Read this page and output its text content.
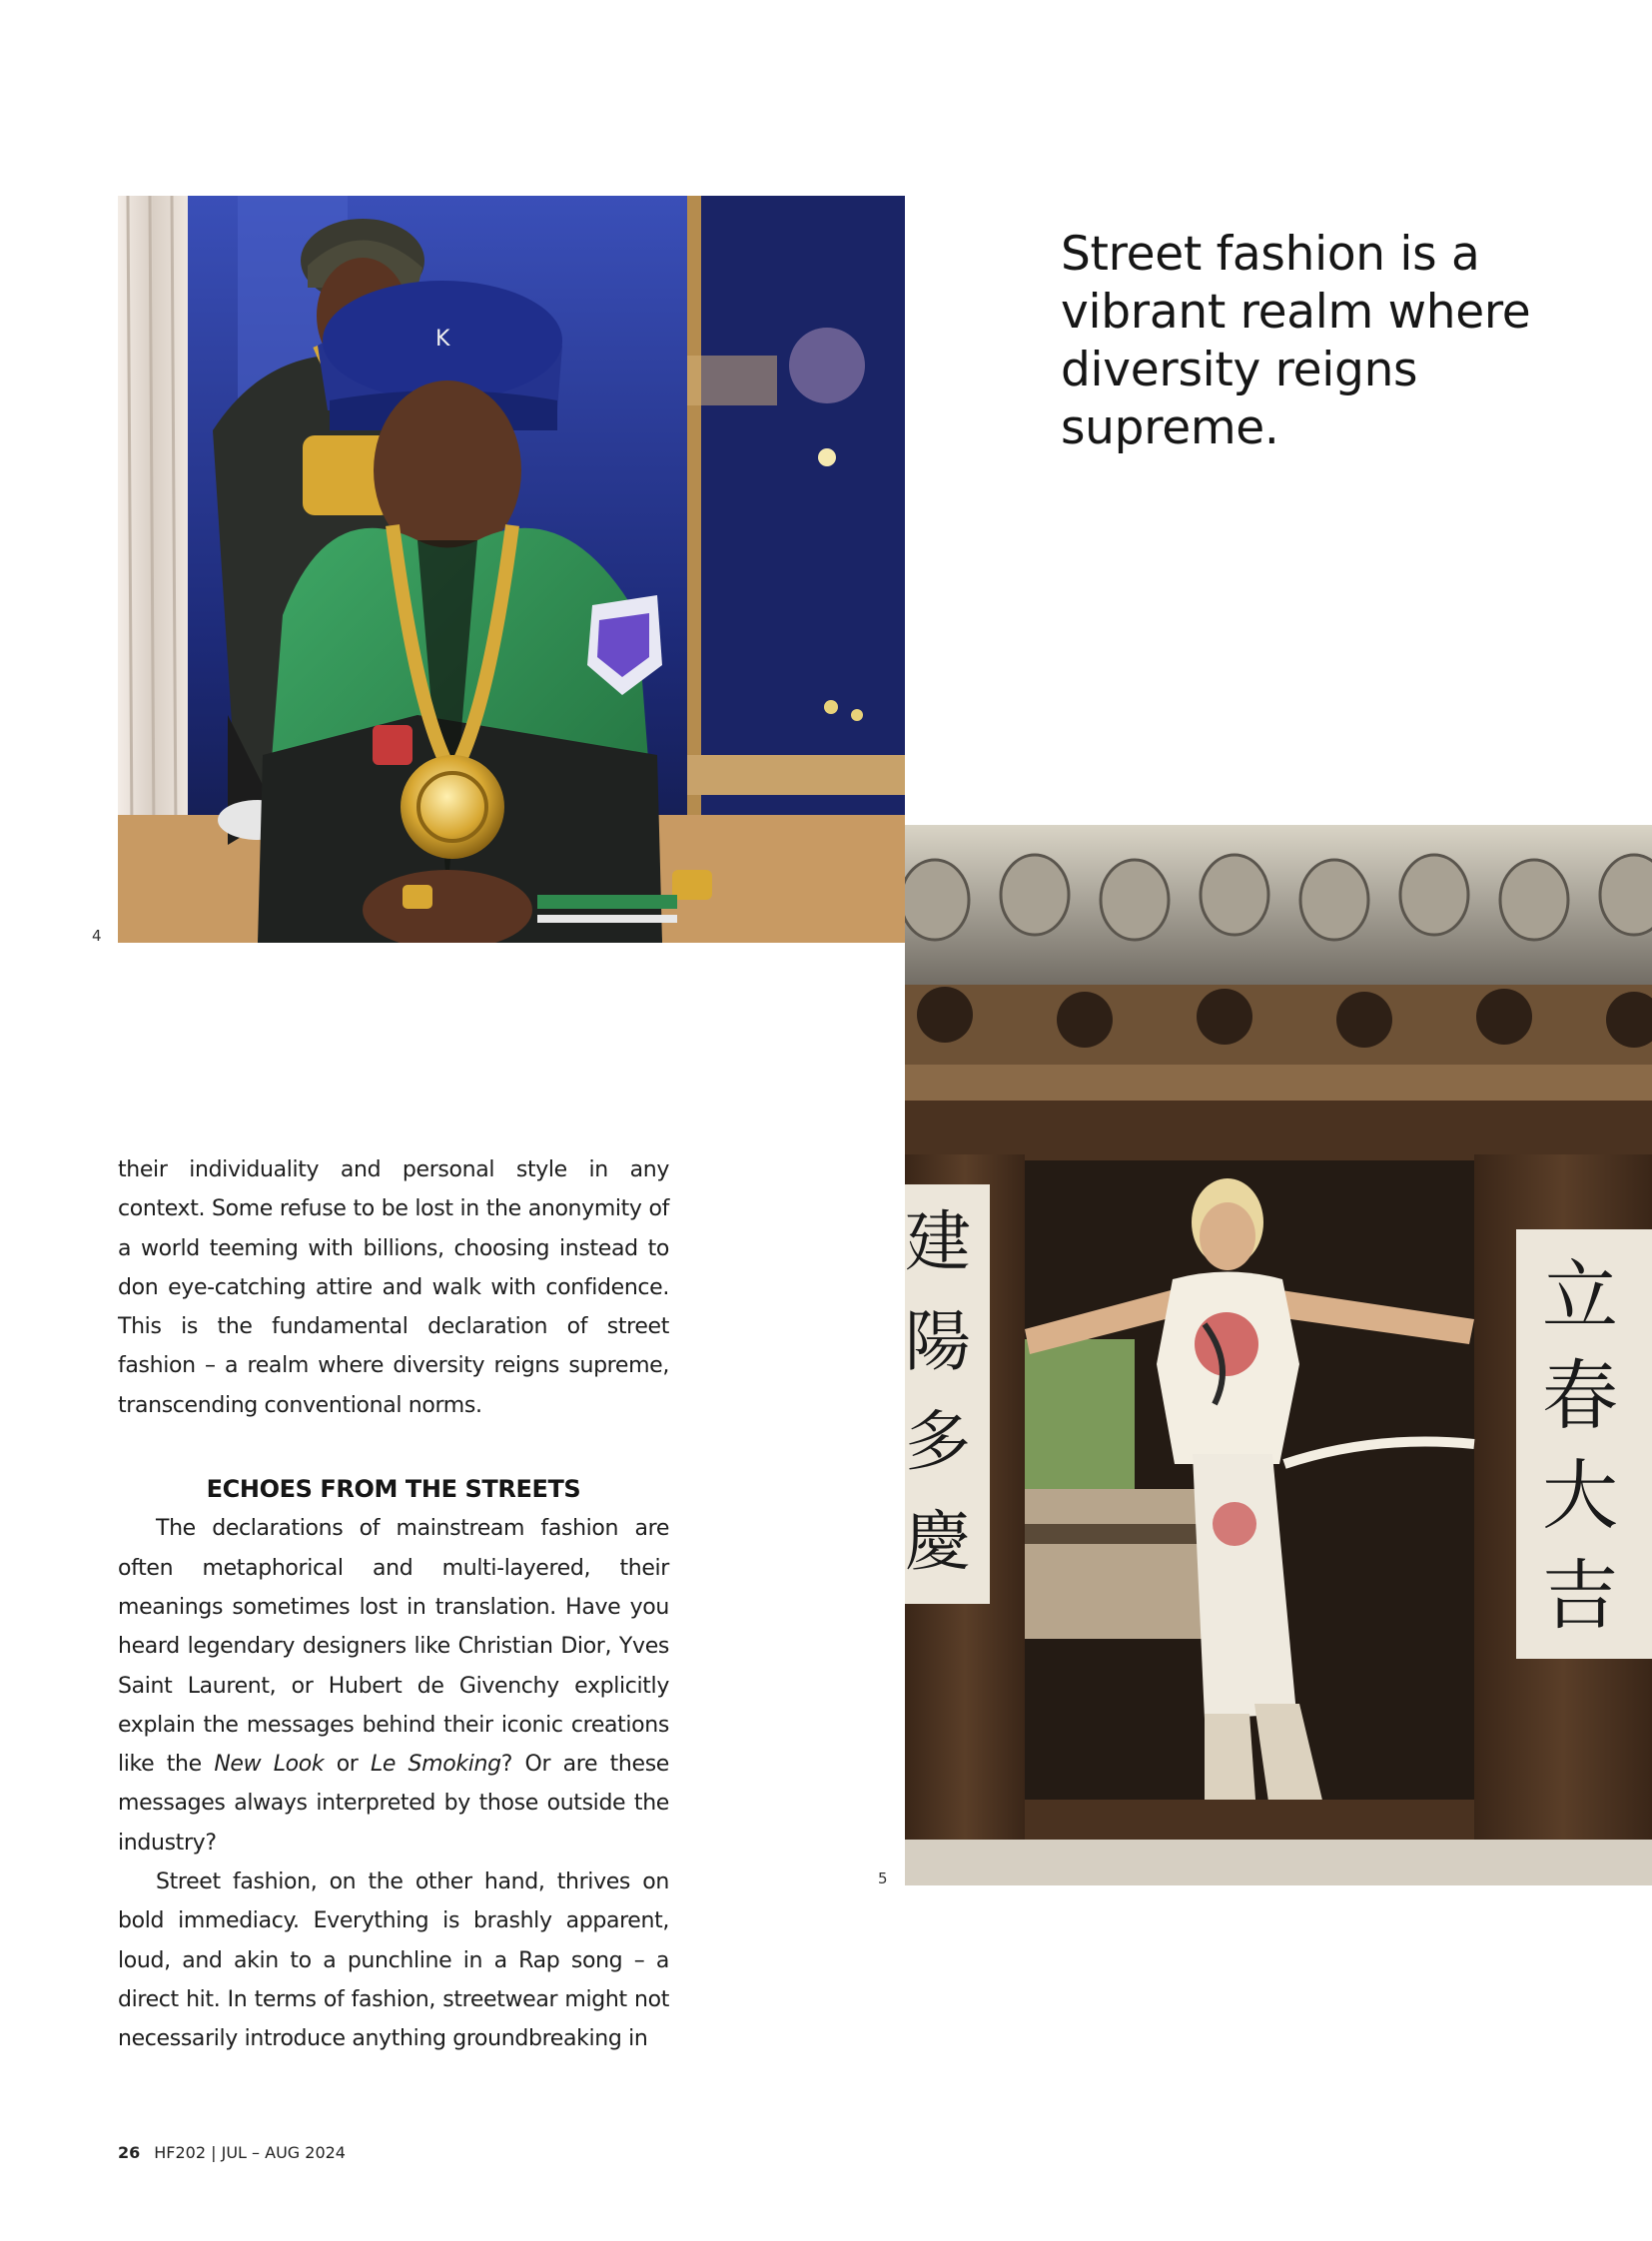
K
4
Street fashion is a vibrant realm where diversity reigns supreme.
建
陽
多
慶
立
春
大
吉
5

their individuality and personal style in any context. Some refuse to be lost in the anonymity of a world teeming with billions, choosing instead to don eye-catching attire and walk with confidence. This is the fundamental declaration of street fashion – a realm where diversity reigns supreme, transcending conventional norms.

ECHOES FROM THE STREETS

The declarations of mainstream fashion are often metaphorical and multi-layered, their meanings sometimes lost in translation. Have you heard legendary designers like Christian Dior, Yves Saint Laurent, or Hubert de Givenchy explicitly explain the messages behind their iconic creations like the New Look or Le Smoking? Or are these messages always interpreted by those outside the industry?

Street fashion, on the other hand, thrives on bold immediacy. Everything is brashly apparent, loud, and akin to a punchline in a Rap song – a direct hit. In terms of fashion, streetwear might not necessarily introduce anything groundbreaking in

26 HF202 | JUL – AUG 2024
